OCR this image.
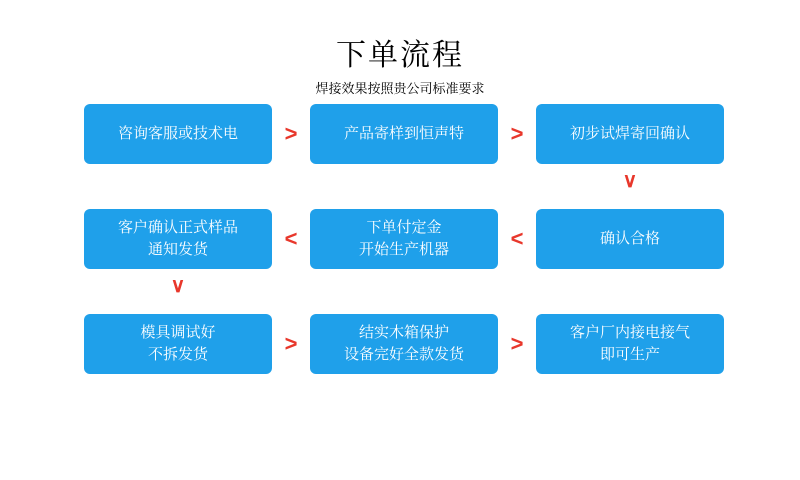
下单流程
焊接效果按照贵公司标准要求
咨询客服或技术电	产品寄样到恒声特	初步试焊寄回确认
客户确认正式样品
通知发货
下单付定金
开始生产机器
确认合格
模具调试好
不拆发货
结实木箱保护
设备完好全款发货
客户厂内接电接气
即可生产
>	>
∨
<
<
∨
>	>
